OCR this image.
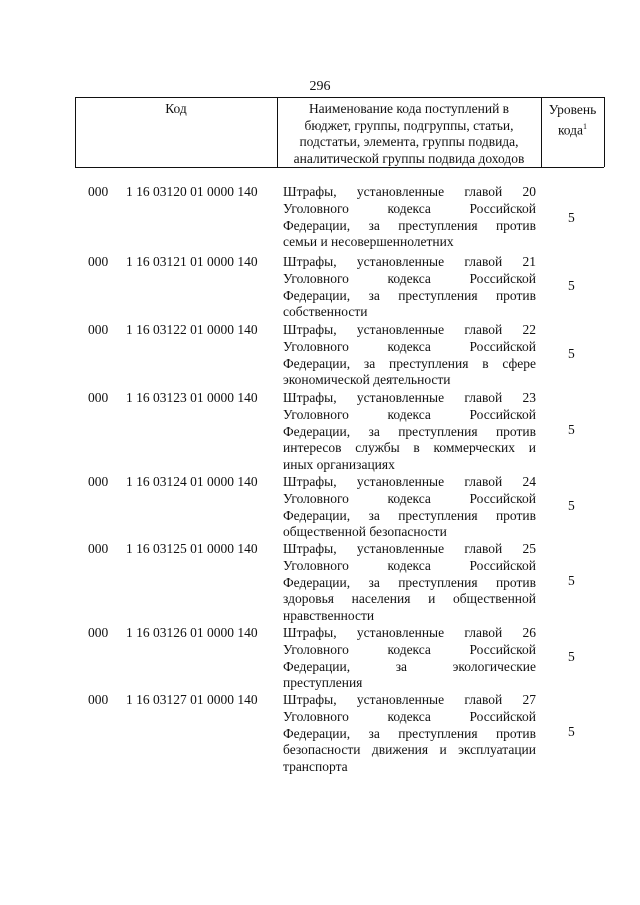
296
Код	Наименование кода поступлений в
бюджет, группы, подгруппы, статьи,
подстатьи, элемента, группы подвида,
аналитической группы подвида доходов
Уровень
кода$^1$
000 1 16 03120 01 0000 140 Штрафы, установленные главой 20
Уголовного кодекса Российской
Федерации, за преступления против
семьи и несовершеннолетних
5
000 1 16 03121 01 0000 140 Штрафы, установленные главой 21
Уголовного кодекса Российской
Федерации, за преступления против
собственности
5
000 1 16 03122 01 0000 140 Штрафы, установленные главой 22
Уголовного кодекса Российской
Федерации, за преступления в сфере
экономической деятельности
5
000 1 16 03123 01 0000 140 Штрафы, установленные главой 23
Уголовного кодекса Российской
Федерации, за преступления против
интересов службы в коммерческих и
иных организациях
5
000 1 16 03124 01 0000 140 Штрафы, установленные главой 24
Уголовного кодекса Российской
Федерации, за преступления против
общественной безопасности
5
000 1 16 03125 01 0000 140 Штрафы, установленные главой 25
Уголовного кодекса Российской
Федерации, за преступления против
здоровья населения и общественной
нравственности
5
000 1 16 03126 01 0000 140 Штрафы, установленные главой 26
Уголовного кодекса Российской
Федерации, за экологические
преступления
5
000 1 16 03127 01 0000 140 Штрафы, установленные главой 27
Уголовного кодекса Российской
Федерации, за преступления против
безопасности движения и эксплуатации
транспорта
5
